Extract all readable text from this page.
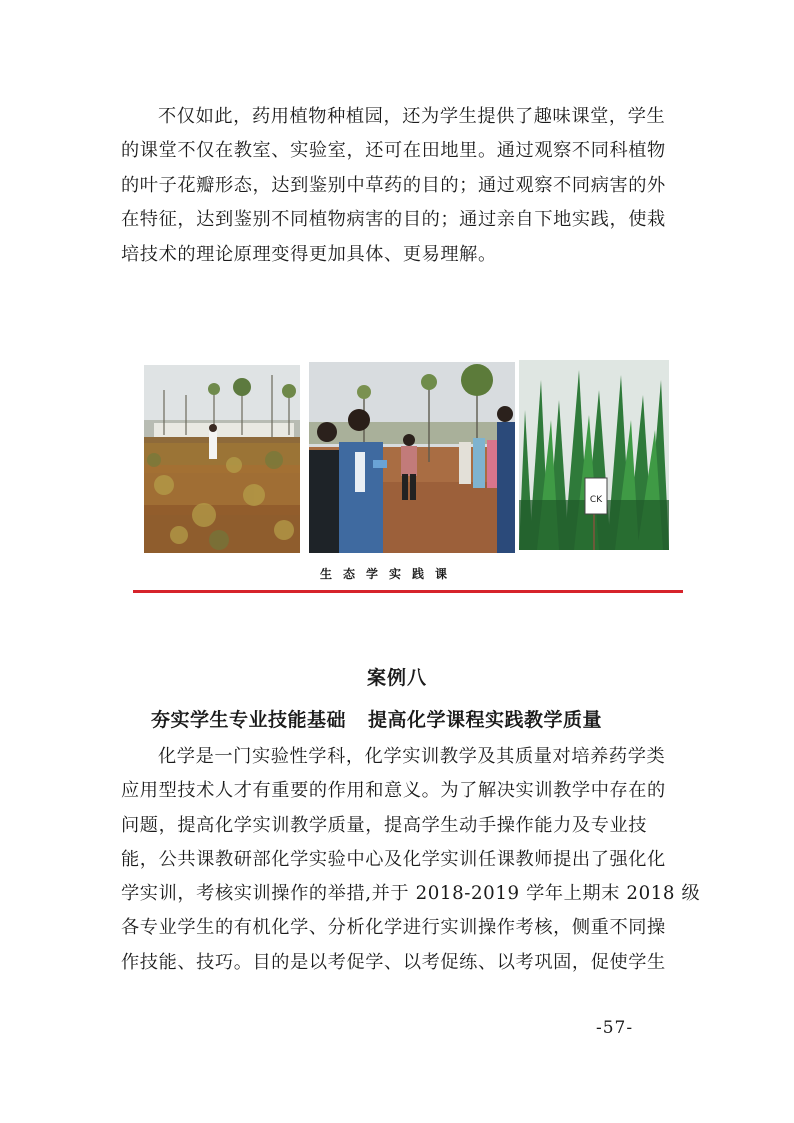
不仅如此，药用植物种植园，还为学生提供了趣味课堂，学生
的课堂不仅在教室、实验室，还可在田地里。通过观察不同科植物
的叶子花瓣形态，达到鉴别中草药的目的；通过观察不同病害的外
在特征，达到鉴别不同植物病害的目的；通过亲自下地实践，使栽
培技术的理论原理变得更加具体、更易理解。
CK
生态学实践课
案例八
夯实学生专业技能基础 提高化学课程实践教学质量
化学是一门实验性学科，化学实训教学及其质量对培养药学类
应用型技术人才有重要的作用和意义。为了解决实训教学中存在的
问题，提高化学实训教学质量，提高学生动手操作能力及专业技
能，公共课教研部化学实验中心及化学实训任课教师提出了强化化
学实训，考核实训操作的举措,并于 2018-2019 学年上期末 2018 级
各专业学生的有机化学、分析化学进行实训操作考核，侧重不同操
作技能、技巧。目的是以考促学、以考促练、以考巩固，促使学生
-57-
